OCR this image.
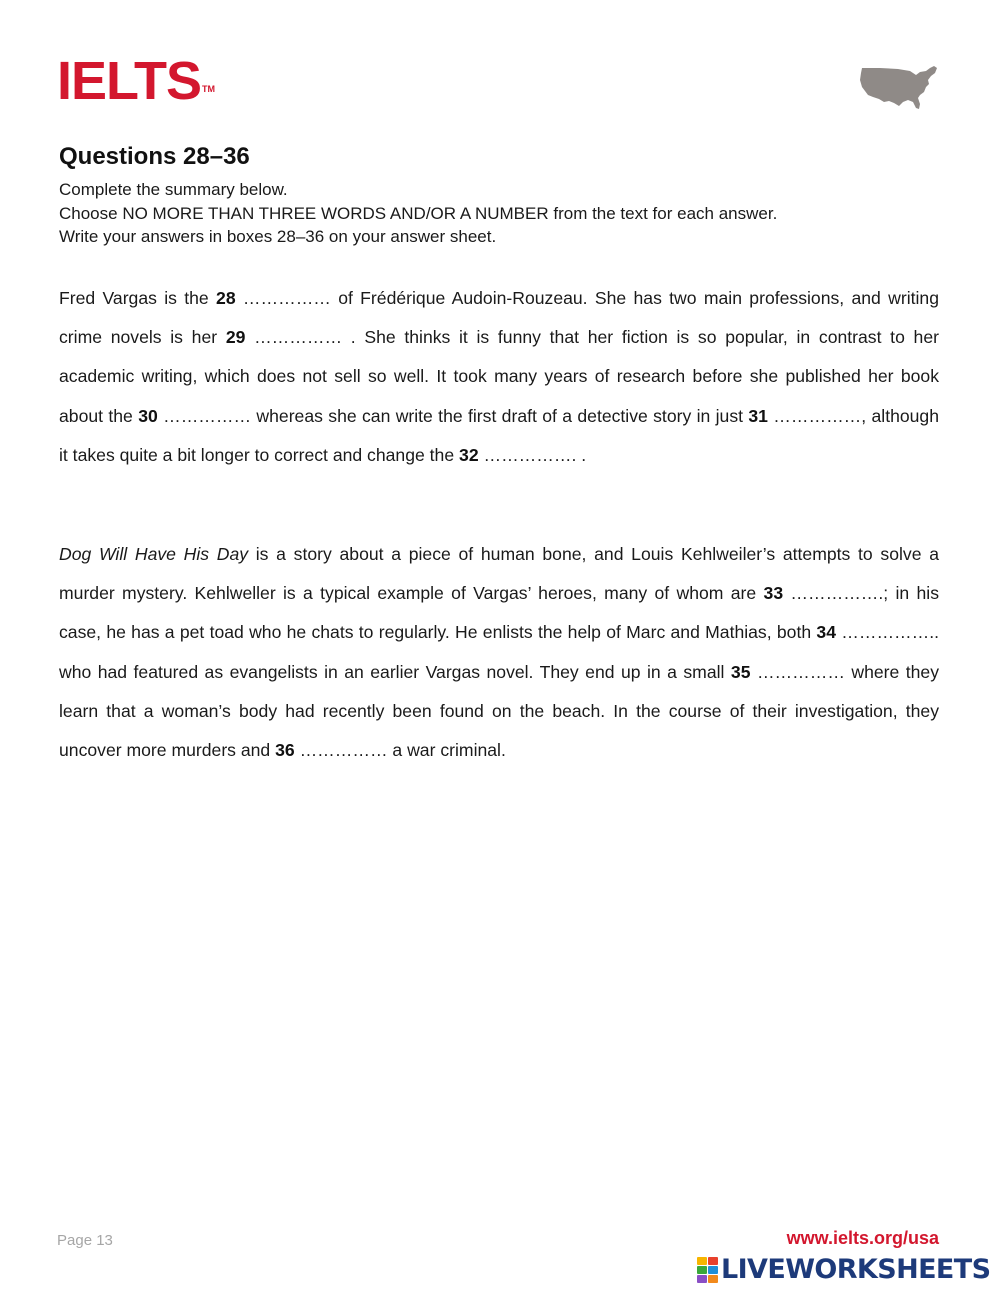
IELTS™
Questions 28–36
Complete the summary below.
Choose NO MORE THAN THREE WORDS AND/OR A NUMBER from the text for each answer.
Write your answers in boxes 28–36 on your answer sheet.

Fred Vargas is the 28 …………… of Frédérique Audoin-Rouzeau. She has two main professions, and writing crime novels is her 29 …………… . She thinks it is funny that her fiction is so popular, in contrast to her academic writing, which does not sell so well. It took many years of research before she published her book about the 30 …………… whereas she can write the first draft of a detective story in just 31 ……………, although it takes quite a bit longer to correct and change the 32 ……………. .

Dog Will Have His Day is a story about a piece of human bone, and Louis Kehlweiler’s attempts to solve a murder mystery. Kehlweller is a typical example of Vargas’ heroes, many of whom are 33 …………….; in his case, he has a pet toad who he chats to regularly. He enlists the help of Marc and Mathias, both 34 …………….. who had featured as evangelists in an earlier Vargas novel. They end up in a small 35 …………… where they learn that a woman’s body had recently been found on the beach. In the course of their investigation, they uncover more murders and 36 …………… a war criminal.

Page 13	www.ielts.org/usa
LIVEWORKSHEETS
